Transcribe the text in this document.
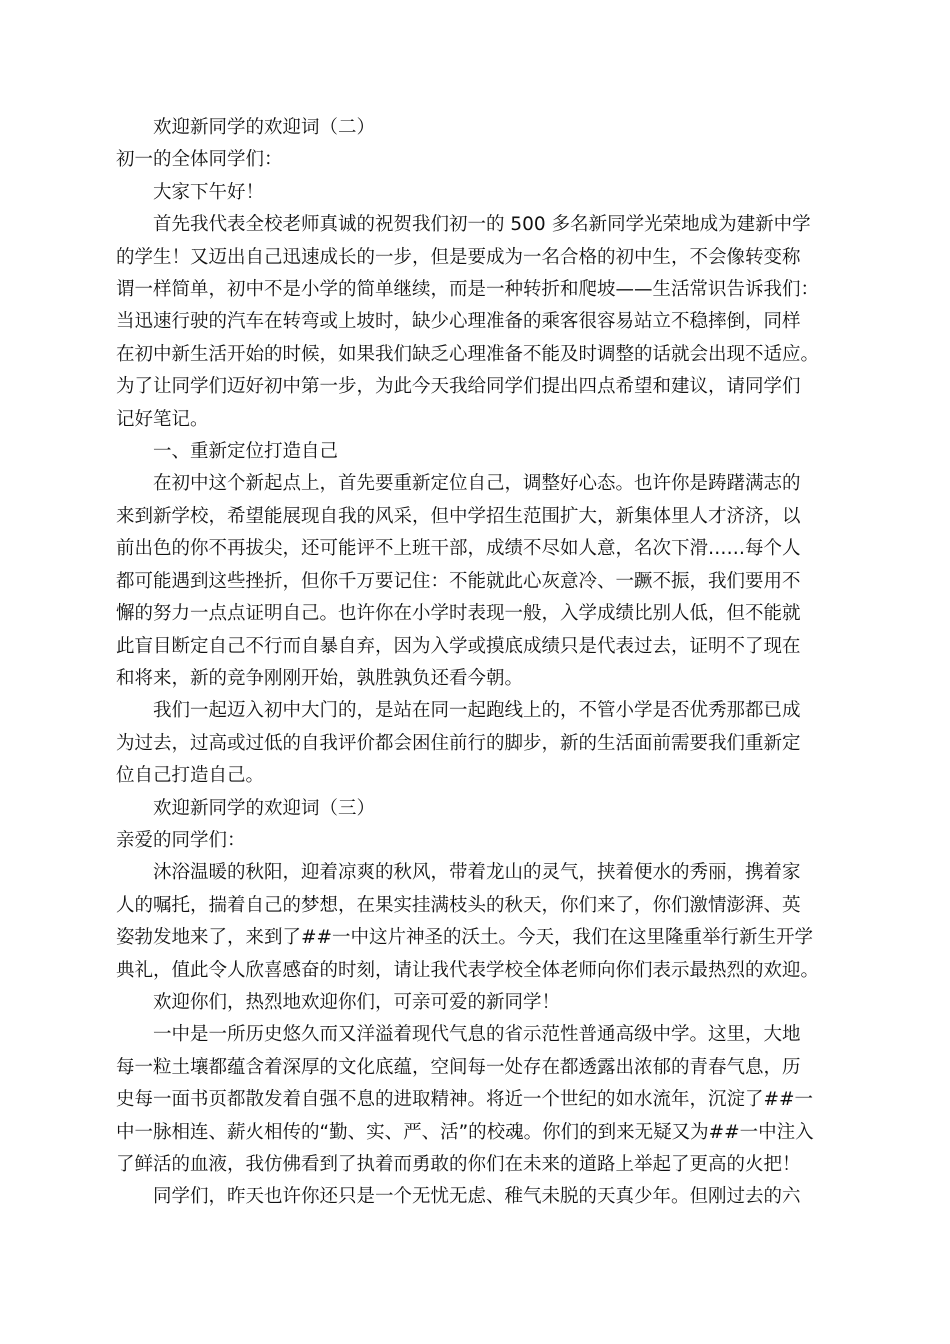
欢迎新同学的欢迎词（二）

初一的全体同学们：

大家下午好！

首先我代表全校老师真诚的祝贺我们初一的 500 多名新同学光荣地成为建新中学

的学生！又迈出自己迅速成长的一步，但是要成为一名合格的初中生，不会像转变称

谓一样简单，初中不是小学的简单继续，而是一种转折和爬坡——生活常识告诉我们：

当迅速行驶的汽车在转弯或上坡时，缺少心理准备的乘客很容易站立不稳摔倒，同样

在初中新生活开始的时候，如果我们缺乏心理准备不能及时调整的话就会出现不适应。

为了让同学们迈好初中第一步，为此今天我给同学们提出四点希望和建议，请同学们

记好笔记。

一、重新定位打造自己

在初中这个新起点上，首先要重新定位自己，调整好心态。也许你是踌躇满志的

来到新学校，希望能展现自我的风采，但中学招生范围扩大，新集体里人才济济，以

前出色的你不再拔尖，还可能评不上班干部，成绩不尽如人意，名次下滑……每个人

都可能遇到这些挫折，但你千万要记住：不能就此心灰意冷、一蹶不振，我们要用不

懈的努力一点点证明自己。也许你在小学时表现一般，入学成绩比别人低，但不能就

此盲目断定自己不行而自暴自弃，因为入学或摸底成绩只是代表过去，证明不了现在

和将来，新的竞争刚刚开始，孰胜孰负还看今朝。

我们一起迈入初中大门的，是站在同一起跑线上的，不管小学是否优秀那都已成

为过去，过高或过低的自我评价都会困住前行的脚步，新的生活面前需要我们重新定

位自己打造自己。

欢迎新同学的欢迎词（三）

亲爱的同学们：

沐浴温暖的秋阳，迎着凉爽的秋风，带着龙山的灵气，挟着便水的秀丽，携着家

人的嘱托，揣着自己的梦想，在果实挂满枝头的秋天，你们来了，你们激情澎湃、英

姿勃发地来了，来到了##一中这片神圣的沃土。今天，我们在这里隆重举行新生开学

典礼，值此令人欣喜感奋的时刻，请让我代表学校全体老师向你们表示最热烈的欢迎。

欢迎你们，热烈地欢迎你们，可亲可爱的新同学！

一中是一所历史悠久而又洋溢着现代气息的省示范性普通高级中学。这里，大地

每一粒土壤都蕴含着深厚的文化底蕴，空间每一处存在都透露出浓郁的青春气息，历

史每一面书页都散发着自强不息的进取精神。将近一个世纪的如水流年，沉淀了##一

中一脉相连、薪火相传的“勤、实、严、活”的校魂。你们的到来无疑又为##一中注入

了鲜活的血液，我仿佛看到了执着而勇敢的你们在未来的道路上举起了更高的火把！

同学们，昨天也许你还只是一个无忧无虑、稚气未脱的天真少年。但刚过去的六
